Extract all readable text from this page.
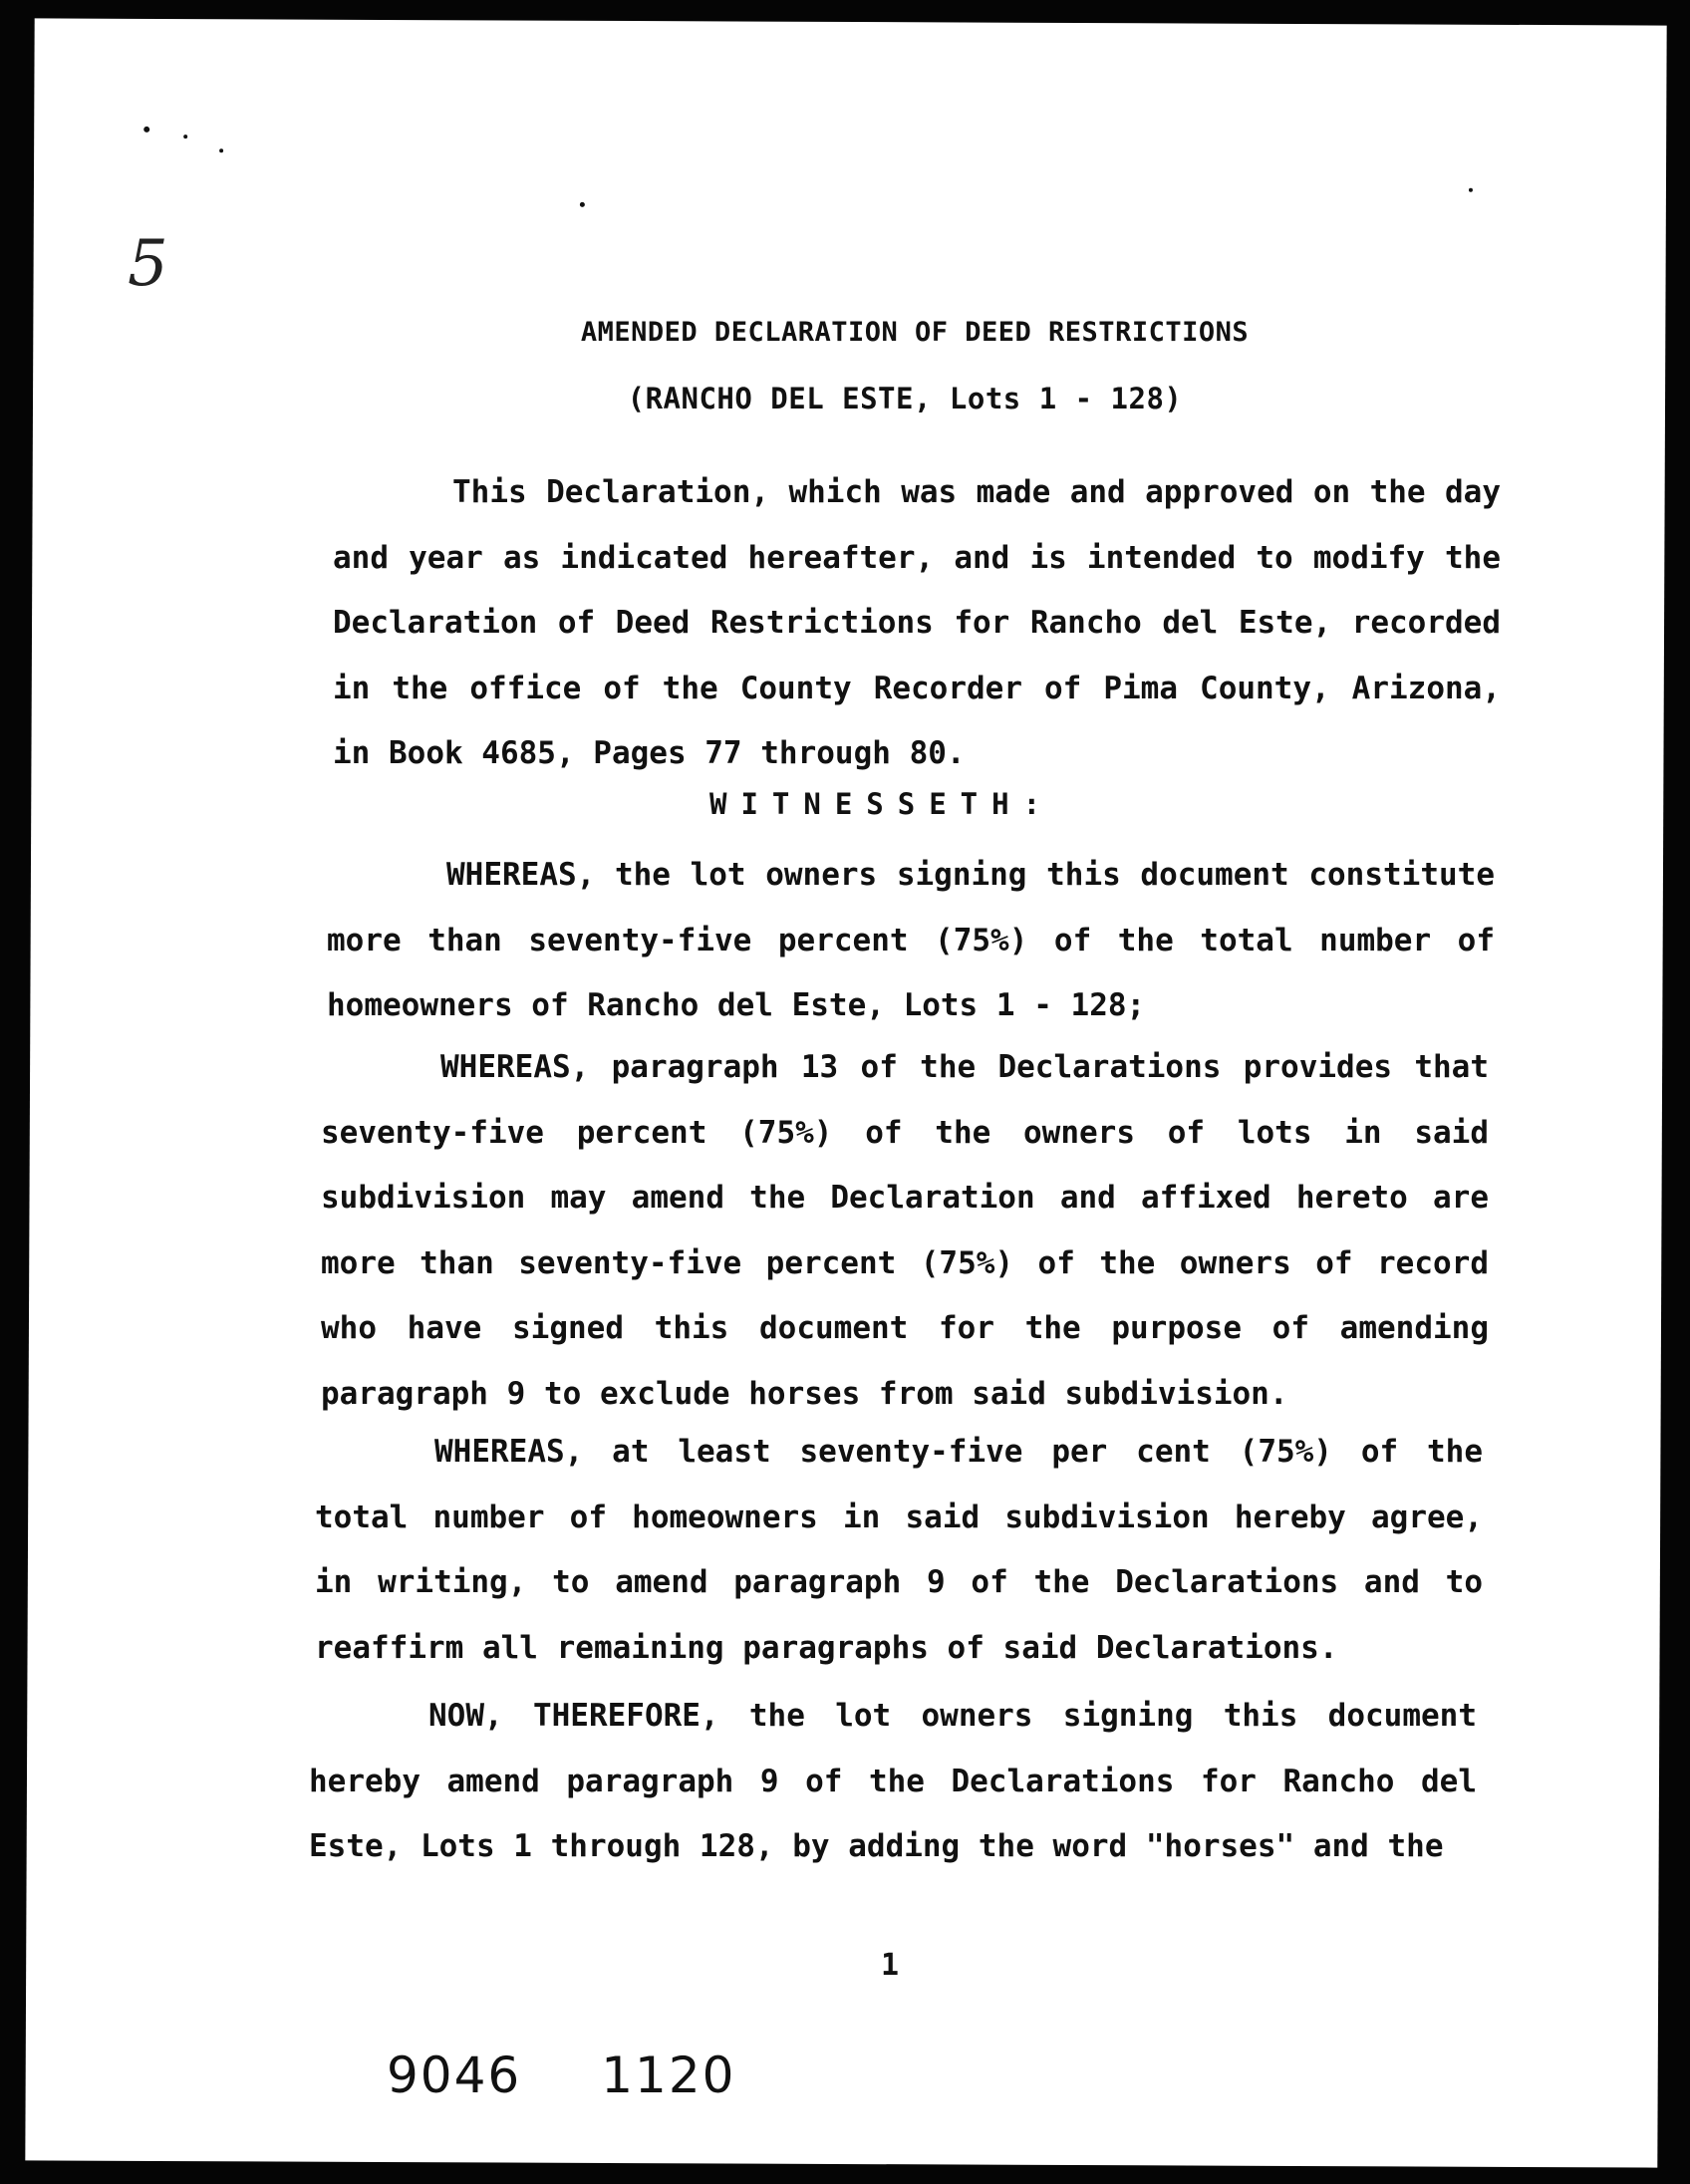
5
AMENDED DECLARATION OF DEED RESTRICTIONS
(RANCHO DEL ESTE, Lots 1 - 128)

This Declaration, which was made and approved on the day and year as indicated hereafter, and is intended to modify the Declaration of Deed Restrictions for Rancho del Este, recorded in the office of the County Recorder of Pima County, Arizona, in Book 4685, Pages 77 through 80.

WITNESSETH:

WHEREAS, the lot owners signing this document constitute more than seventy-five percent (75%) of the total number of homeowners of Rancho del Este, Lots 1 - 128;

WHEREAS, paragraph 13 of the Declarations provides that seventy-five percent (75%) of the owners of lots in said subdivision may amend the Declaration and affixed hereto are more than seventy-five percent (75%) of the owners of record who have signed this document for the purpose of amending paragraph 9 to exclude horses from said subdivision.

WHEREAS, at least seventy-five per cent (75%) of the total number of homeowners in said subdivision hereby agree, in writing, to amend paragraph 9 of the Declarations and to reaffirm all remaining paragraphs of said Declarations.

NOW, THEREFORE, the lot owners signing this document hereby amend paragraph 9 of the Declarations for Rancho del Este, Lots 1 through 128, by adding the word "horses" and the

1
9046 1120
